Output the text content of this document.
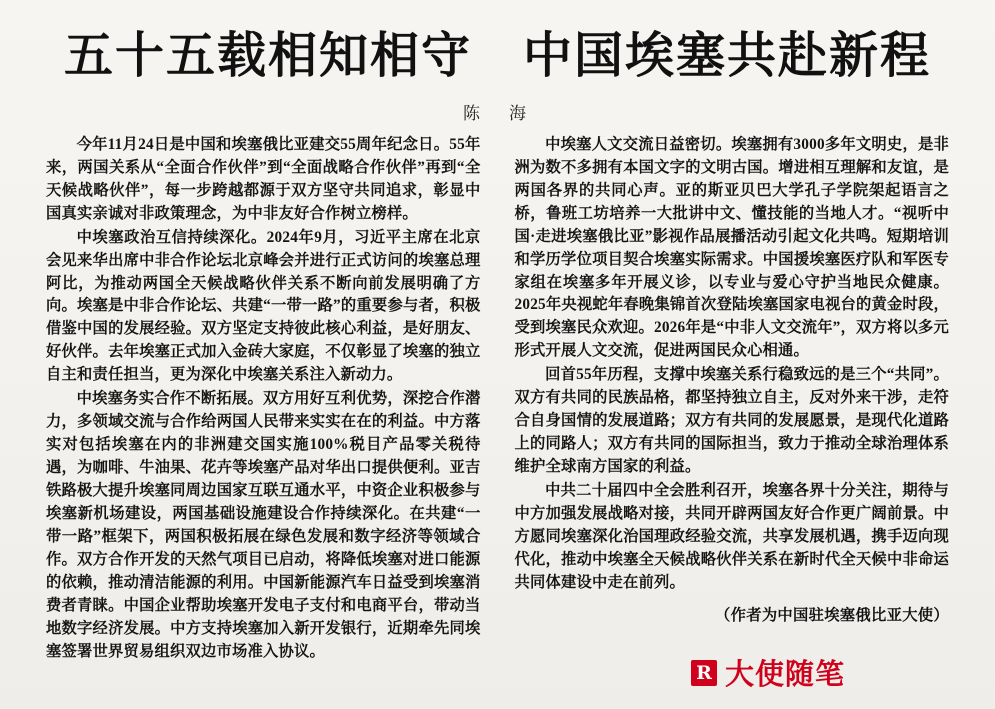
五十五载相知相守　中国埃塞共赴新程
陈　海

今年11月24日是中国和埃塞俄比亚建交55周年纪念日。55年来，两国关系从“全面合作伙伴”到“全面战略合作伙伴”再到“全天候战略伙伴”，每一步跨越都源于双方坚守共同追求，彰显中国真实亲诚对非政策理念，为中非友好合作树立榜样。

中埃塞政治互信持续深化。2024年9月，习近平主席在北京会见来华出席中非合作论坛北京峰会并进行正式访问的埃塞总理阿比，为推动两国全天候战略伙伴关系不断向前发展明确了方向。埃塞是中非合作论坛、共建“一带一路”的重要参与者，积极借鉴中国的发展经验。双方坚定支持彼此核心利益，是好朋友、好伙伴。去年埃塞正式加入金砖大家庭，不仅彰显了埃塞的独立自主和责任担当，更为深化中埃塞关系注入新动力。

中埃塞务实合作不断拓展。双方用好互利优势，深挖合作潜力，多领域交流与合作给两国人民带来实实在在的利益。中方落实对包括埃塞在内的非洲建交国实施100%税目产品零关税待遇，为咖啡、牛油果、花卉等埃塞产品对华出口提供便利。亚吉铁路极大提升埃塞同周边国家互联互通水平，中资企业积极参与埃塞新机场建设，两国基础设施建设合作持续深化。在共建“一带一路”框架下，两国积极拓展在绿色发展和数字经济等领域合作。双方合作开发的天然气项目已启动，将降低埃塞对进口能源的依赖，推动清洁能源的利用。中国新能源汽车日益受到埃塞消费者青睐。中国企业帮助埃塞开发电子支付和电商平台，带动当地数字经济发展。中方支持埃塞加入新开发银行，近期牵先同埃塞签署世界贸易组织双边市场准入协议。

中埃塞人文交流日益密切。埃塞拥有3000多年文明史，是非洲为数不多拥有本国文字的文明古国。增进相互理解和友谊，是两国各界的共同心声。亚的斯亚贝巴大学孔子学院架起语言之桥，鲁班工坊培养一大批讲中文、懂技能的当地人才。“视听中国·走进埃塞俄比亚”影视作品展播活动引起文化共鸣。短期培训和学历学位项目契合埃塞实际需求。中国援埃塞医疗队和军医专家组在埃塞多年开展义诊，以专业与爱心守护当地民众健康。2025年央视蛇年春晚集锦首次登陆埃塞国家电视台的黄金时段，受到埃塞民众欢迎。2026年是“中非人文交流年”，双方将以多元形式开展人文交流，促进两国民众心相通。

回首55年历程，支撑中埃塞关系行稳致远的是三个“共同”。双方有共同的民族品格，都坚持独立自主，反对外来干涉，走符合自身国情的发展道路；双方有共同的发展愿景，是现代化道路上的同路人；双方有共同的国际担当，致力于推动全球治理体系维护全球南方国家的利益。

中共二十届四中全会胜利召开，埃塞各界十分关注，期待与中方加强发展战略对接，共同开辟两国友好合作更广阔前景。中方愿同埃塞深化治国理政经验交流，共享发展机遇，携手迈向现代化，推动中埃塞全天候战略伙伴关系在新时代全天候中非命运共同体建设中走在前列。

（作者为中国驻埃塞俄比亚大使）
R 大使随笔
